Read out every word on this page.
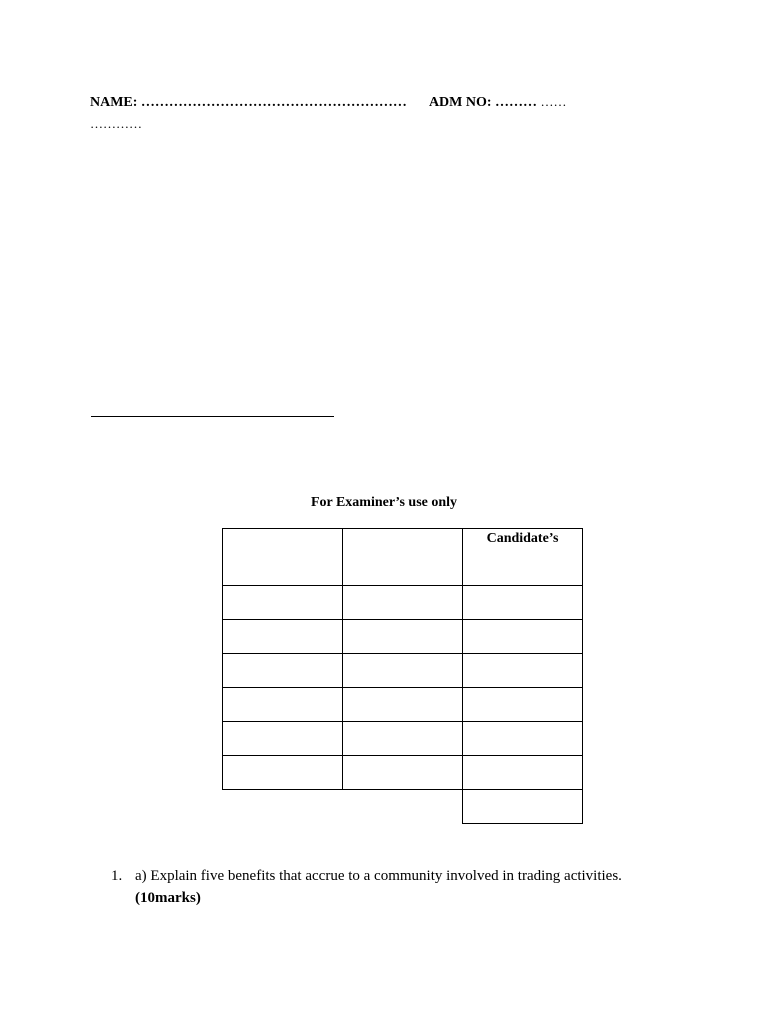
NAME: ………………………………………………… ADM NO: ……… ……
…………
For Examiner’s use only
		Candidate’s

1. a) Explain five benefits that accrue to a community involved in trading activities.
(10marks)
